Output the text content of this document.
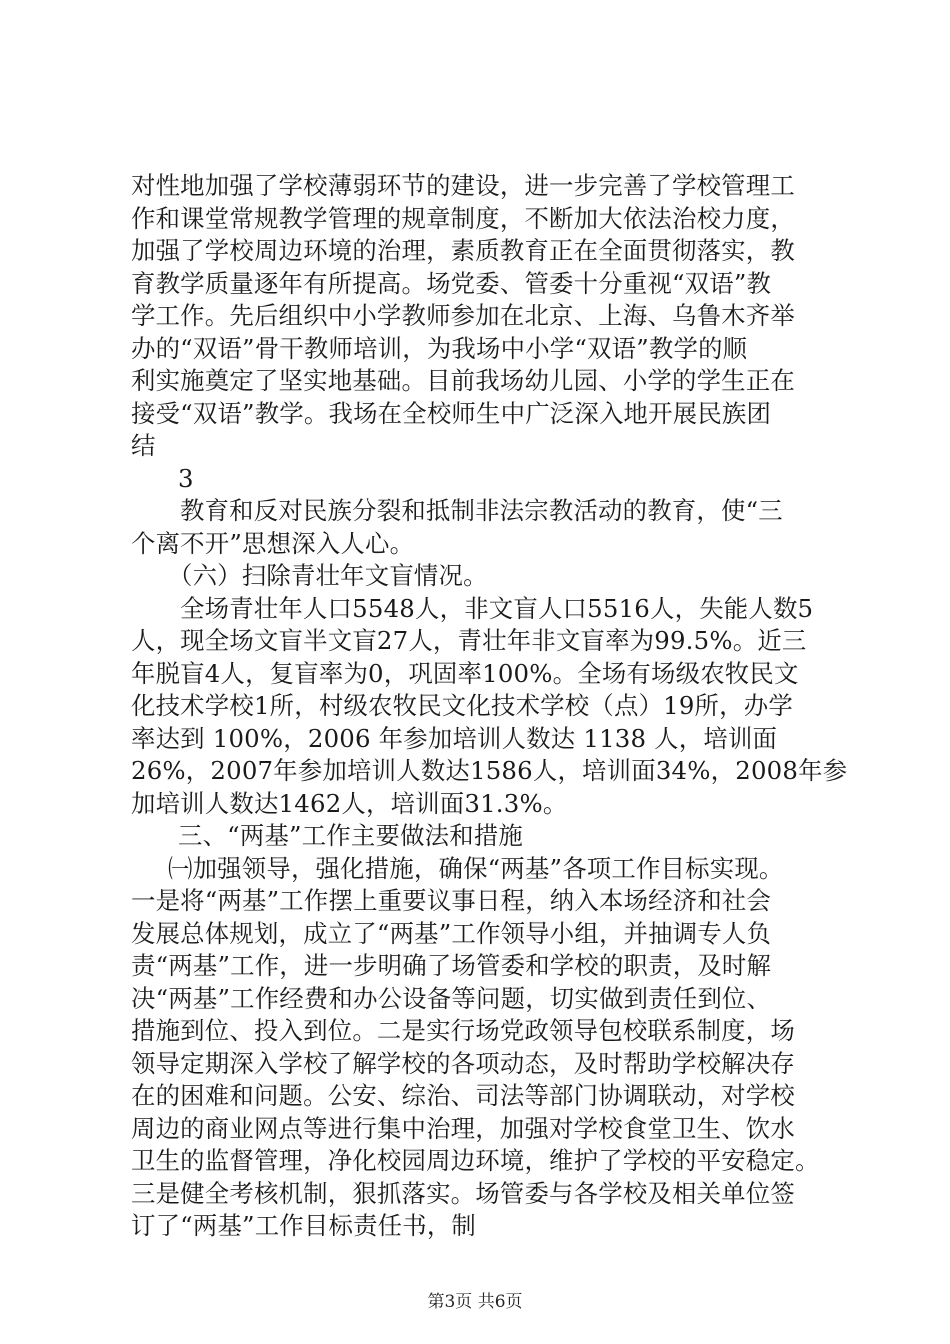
对性地加强了学校薄弱环节的建设，进一步完善了学校管理工
作和课堂常规教学管理的规章制度，不断加大依法治校力度，
加强了学校周边环境的治理，素质教育正在全面贯彻落实，教
育教学质量逐年有所提高。场党委、管委十分重视“双语”教
学工作。先后组织中小学教师参加在北京、上海、乌鲁木齐举
办的“双语”骨干教师培训，为我场中小学“双语”教学的顺
利实施奠定了坚实地基础。目前我场幼儿园、小学的学生正在
接受“双语”教学。我场在全校师生中广泛深入地开展民族团
结
3
教育和反对民族分裂和抵制非法宗教活动的教育，使“三
个离不开”思想深入人心。
（六）扫除青壮年文盲情况。
全场青壮年人口5548人，非文盲人口5516人，失能人数5
人，现全场文盲半文盲27人，青壮年非文盲率为99.5%。近三
年脱盲4人，复盲率为0，巩固率100%。全场有场级农牧民文
化技术学校1所，村级农牧民文化技术学校（点）19所，办学
率达到 100%，2006 年参加培训人数达 1138 人，培训面
26%，2007年参加培训人数达1586人，培训面34%，2008年参
加培训人数达1462人，培训面31.3%。
三、“两基”工作主要做法和措施
㈠加强领导，强化措施，确保“两基”各项工作目标实现。
一是将“两基”工作摆上重要议事日程，纳入本场经济和社会
发展总体规划，成立了“两基”工作领导小组，并抽调专人负
责“两基”工作，进一步明确了场管委和学校的职责，及时解
决“两基”工作经费和办公设备等问题，切实做到责任到位、
措施到位、投入到位。二是实行场党政领导包校联系制度，场
领导定期深入学校了解学校的各项动态，及时帮助学校解决存
在的困难和问题。公安、综治、司法等部门协调联动，对学校
周边的商业网点等进行集中治理，加强对学校食堂卫生、饮水
卫生的监督管理，净化校园周边环境，维护了学校的平安稳定。
三是健全考核机制，狠抓落实。场管委与各学校及相关单位签
订了“两基”工作目标责任书，制
第3页 共6页
